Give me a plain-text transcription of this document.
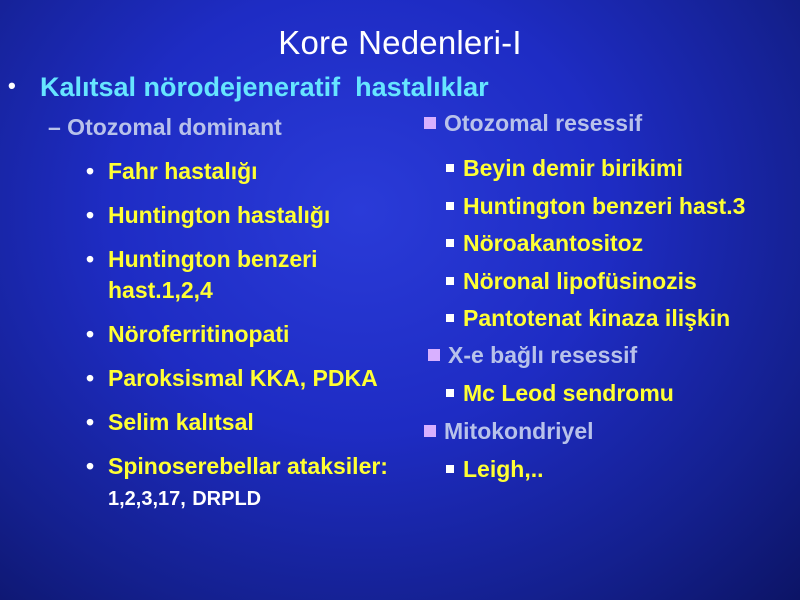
Kore Nedenleri-I
• Kalıtsal nörodejeneratif hastalıklar
– Otozomal dominant
• Fahr hastalığı
• Huntington hastalığı
• Huntington benzeri hast.1,2,4
• Nöroferritinopati
• Paroksismal KKA, PDKA
• Selim kalıtsal
• Spinoserebellar ataksiler: 1,2,3,17, DRPLD
Otozomal resessif
Beyin demir birikimi
Huntington benzeri hast.3
Nöroakantositoz
Nöronal lipofüsinozis
Pantotenat kinaza ilişkin
X-e bağlı resessif
Mc Leod sendromu
Mitokondriyel
Leigh,..
